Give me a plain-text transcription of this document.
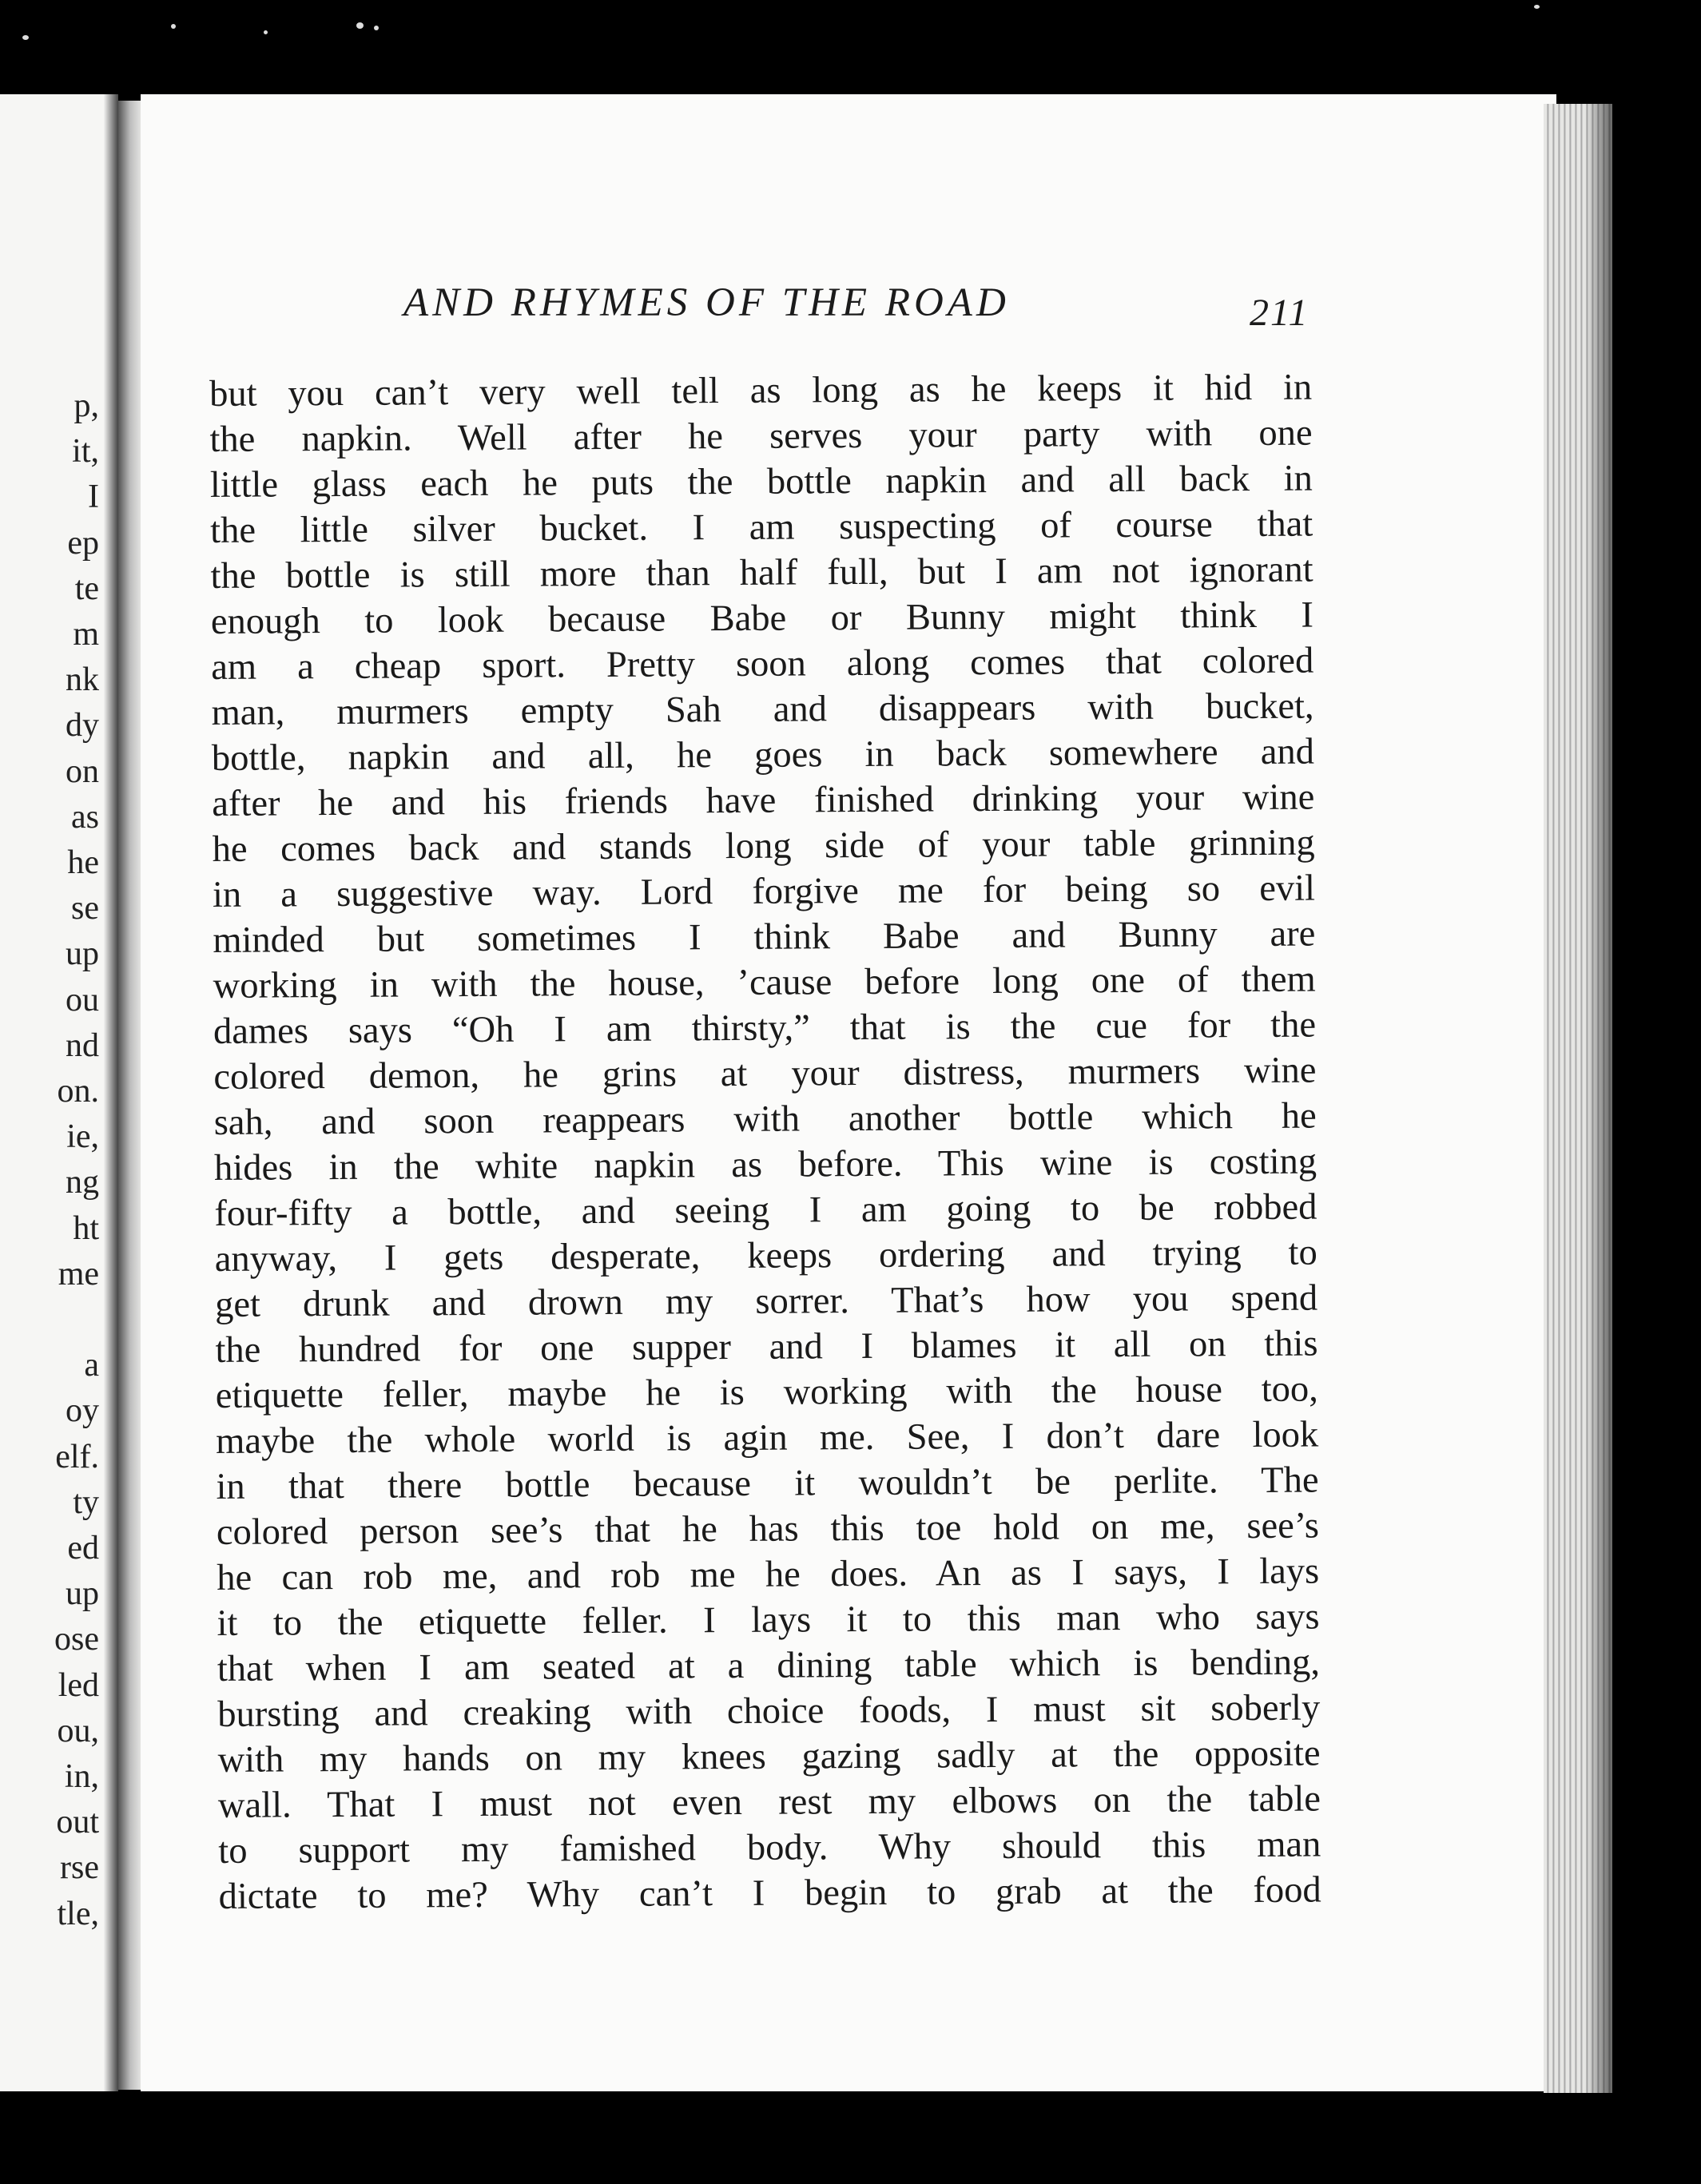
p,
it,
I
ep
te
m
nk
dy
on
as
he
se
up
ou
nd
on.
ie,
ng
ht
me
a
oy
elf.
ty
ed
up
ose
led
ou,
in,
out
rse
tle,
AND RHYMES OF THE ROAD	211
but you can’t very well tell as long as he keeps it hid in
the napkin. Well after he serves your party with one
little glass each he puts the bottle napkin and all back in
the little silver bucket. I am suspecting of course that
the bottle is still more than half full, but I am not ignorant
enough to look because Babe or Bunny might think I
am a cheap sport. Pretty soon along comes that colored
man, murmers empty Sah and disappears with bucket,
bottle, napkin and all, he goes in back somewhere and
after he and his friends have finished drinking your wine
he comes back and stands long side of your table grinning
in a suggestive way. Lord forgive me for being so evil
minded but sometimes I think Babe and Bunny are
working in with the house, ’cause before long one of them
dames says “Oh I am thirsty,” that is the cue for the
colored demon, he grins at your distress, murmers wine
sah, and soon reappears with another bottle which he
hides in the white napkin as before. This wine is costing
four-fifty a bottle, and seeing I am going to be robbed
anyway, I gets desperate, keeps ordering and trying to
get drunk and drown my sorrer. That’s how you spend
the hundred for one supper and I blames it all on this
etiquette feller, maybe he is working with the house too,
maybe the whole world is agin me. See, I don’t dare look
in that there bottle because it wouldn’t be perlite. The
colored person see’s that he has this toe hold on me, see’s
he can rob me, and rob me he does. An as I says, I lays
it to the etiquette feller. I lays it to this man who says
that when I am seated at a dining table which is bending,
bursting and creaking with choice foods, I must sit soberly
with my hands on my knees gazing sadly at the opposite
wall. That I must not even rest my elbows on the table
to support my famished body. Why should this man
dictate to me? Why can’t I begin to grab at the food
